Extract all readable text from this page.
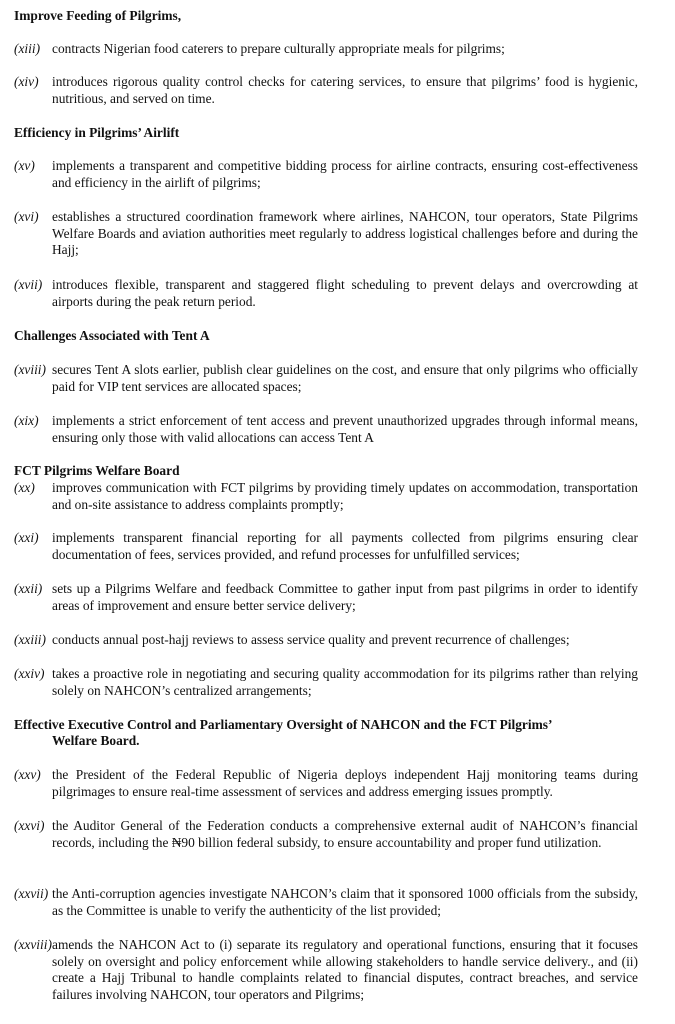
Improve Feeding of Pilgrims,
(xiii) contracts Nigerian food caterers to prepare culturally appropriate meals for pilgrims;
(xiv)	introduces rigorous quality control checks for catering services, to ensure that pilgrims’ food is hygienic, nutritious, and served on time.
Efficiency in Pilgrims’ Airlift
(xv)	implements a transparent and competitive bidding process for airline contracts, ensuring cost-effectiveness and efficiency in the airlift of pilgrims;
(xvi)	establishes a structured coordination framework where airlines, NAHCON, tour operators, State Pilgrims Welfare Boards and aviation authorities meet regularly to address logistical challenges before and during the Hajj;
(xvii) introduces flexible, transparent and staggered flight scheduling to prevent delays and overcrowding at airports during the peak return period.
Challenges Associated with Tent A
(xviii) secures Tent A slots earlier, publish clear guidelines on the cost, and ensure that only pilgrims who officially paid for VIP tent services are allocated spaces;
(xix)	implements a strict enforcement of tent access and prevent unauthorized upgrades through informal means, ensuring only those with valid allocations can access Tent A
FCT Pilgrims Welfare Board
(xx)	improves communication with FCT pilgrims by providing timely updates on accommodation, transportation and on-site assistance to address complaints promptly;
(xxi)	implements transparent financial reporting for all payments collected from pilgrims ensuring clear documentation of fees, services provided, and refund processes for unfulfilled services;
(xxii) sets up a Pilgrims Welfare and feedback Committee to gather input from past pilgrims in order to identify areas of improvement and ensure better service delivery;
(xxiii) conducts annual post-hajj reviews to assess service quality and prevent recurrence of challenges;
(xxiv) takes a proactive role in negotiating and securing quality accommodation for its pilgrims rather than relying solely on NAHCON’s centralized arrangements;
Effective Executive Control and Parliamentary Oversight of NAHCON and the FCT Pilgrims’
Welfare Board.
(xxv) the President of the Federal Republic of Nigeria deploys independent Hajj monitoring teams during pilgrimages to ensure real-time assessment of services and address emerging issues promptly.
(xxvi) the Auditor General of the Federation conducts a comprehensive external audit of NAHCON’s financial records, including the ₦90 billion federal subsidy, to ensure accountability and proper fund utilization.
(xxvii) the Anti-corruption agencies investigate NAHCON’s claim that it sponsored 1000 officials from the subsidy, as the Committee is unable to verify the authenticity of the list provided;
(xxviii) amends the NAHCON Act to (i) separate its regulatory and operational functions, ensuring that it focuses solely on oversight and policy enforcement while allowing stakeholders to handle service delivery., and (ii) create a Hajj Tribunal to handle complaints related to financial disputes, contract breaches, and service failures involving NAHCON, tour operators and Pilgrims;
